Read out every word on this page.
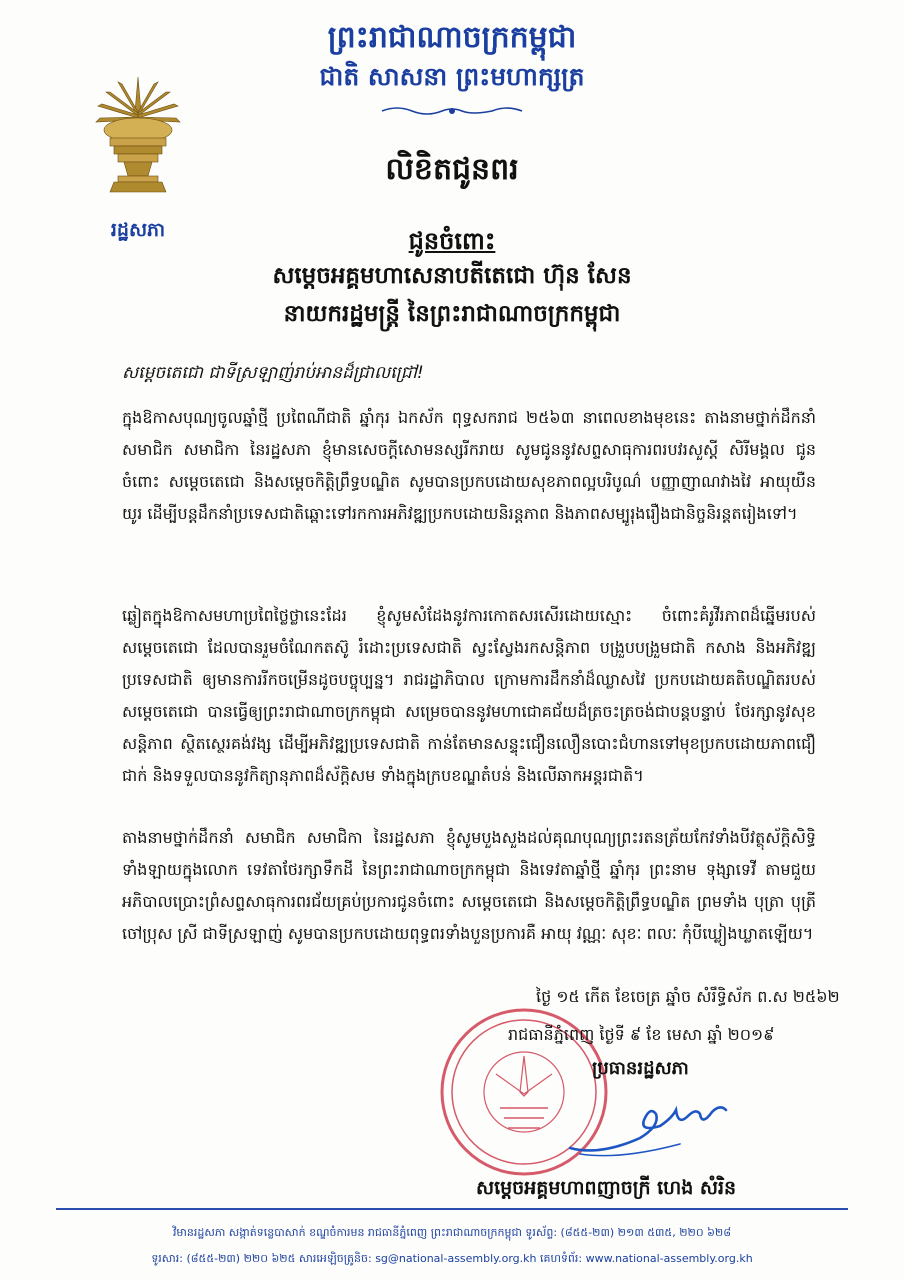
ព្រះរាជាណាចក្រកម្ពុជា
ជាតិ សាសនា ព្រះមហាក្សត្រ
រដ្ឋសភា
លិខិតជូនពរ
ជូនចំពោះ
សម្ដេចអគ្គមហាសេនាបតីតេជោ ហ៊ុន សែន
នាយករដ្ឋមន្ត្រី នៃព្រះរាជាណាចក្រកម្ពុជា
សម្ដេចតេជោ ជាទីស្រឡាញ់រាប់អានដ៏ជ្រាលជ្រៅ!
ក្នុងឱកាសបុណ្យចូលឆ្នាំថ្មី ប្រពៃណីជាតិ ឆ្នាំកុរ ឯកស័ក ពុទ្ធសករាជ ២៥៦៣ នាពេលខាងមុខនេះ តាងនាមថ្នាក់ដឹកនាំ សមាជិក សមាជិកា នៃរដ្ឋសភា ខ្ញុំមានសេចក្ដីសោមនស្សរីករាយ សូមជូននូវសព្ទសាធុការពរបវរសួស្ដី សិរីមង្គល ជូនចំពោះ សម្ដេចតេជោ និងសម្ដេចកិត្តិព្រឹទ្ធបណ្ឌិត សូមបានប្រកបដោយសុខភាពល្អបរិបូណ៌ បញ្ញាញាណវាងវៃ អាយុយឺនយូរ ដើម្បីបន្តដឹកនាំប្រទេសជាតិឆ្ពោះទៅរកការអភិវឌ្ឍប្រកបដោយនិរន្តភាព និងភាពសម្បូរុងរឿងជានិច្ចនិរន្តតរៀងទៅ។
ឆ្លៀតក្នុងឱកាសមហាប្រពៃថ្លៃថ្លានេះដែរ ខ្ញុំសូមសំដែងនូវការកោតសរសើរដោយស្មោះ ចំពោះគំរូវីរភាពដ៏ឆ្នើមរបស់ សម្ដេចតេជោ ដែលបានរួមចំណែកតស៊ូ រំដោះប្រទេសជាតិ ស្វះស្វែងរកសន្តិភាព បង្រួបបង្រួមជាតិ កសាង និងអភិវឌ្ឍប្រទេសជាតិ ឲ្យមានការរីកចម្រើនដូចបច្ចុប្បន្ន។ រាជរដ្ឋាភិបាល ក្រោមការដឹកនាំដ៏ឈ្លាសវៃ ប្រកបដោយគតិបណ្ឌិតរបស់ សម្ដេចតេជោ បានធ្វើឲ្យព្រះរាជាណាចក្រកម្ពុជា សម្រេចបាននូវមហាជោគជ័យដ៏ត្រចះត្រចង់ជាបន្តបន្ទាប់ ថែរក្សានូវសុខសន្តិភាព ស្ថិតស្ថេរគង់វង្ស ដើម្បីអភិវឌ្ឍប្រទេសជាតិ កាន់តែមានសន្ទុះជឿនលឿនបោះជំហានទៅមុខប្រកបដោយភាពជឿជាក់ និងទទួលបាននូវកិត្យានុភាពដ៏ស័ក្ដិសម ទាំងក្នុងក្របខណ្ឌតំបន់ និងលើឆាកអន្តរជាតិ។
តាងនាមថ្នាក់ដឹកនាំ សមាជិក សមាជិកា នៃរដ្ឋសភា ខ្ញុំសូមបួងសួងដល់គុណបុណ្យព្រះរតនត្រ័យកែវទាំងបីវត្ថុស័ក្ដិសិទ្ធិទាំងឡាយក្នុងលោក ទេវតាថែរក្សាទឹកដី នៃព្រះរាជាណាចក្រកម្ពុជា និងទេវតាឆ្នាំថ្មី ឆ្នាំកុរ ព្រះនាម ទុង្សាទេវី តាមជួយអភិបាលប្រោះព្រំសព្ទសាធុការពរជ័យគ្រប់ប្រការជូនចំពោះ សម្ដេចតេជោ និងសម្ដេចកិត្តិព្រឹទ្ធបណ្ឌិត ព្រមទាំង បុត្រា បុត្រី ចៅប្រុស ស្រី ជាទីស្រឡាញ់ សូមបានប្រកបដោយពុទ្ធពរទាំងបួនប្រការគឺ អាយុ វណ្ណៈ សុខៈ ពលៈ កុំបីឃ្លៀងឃ្លាតឡើយ។
ថ្ងៃ ១៥ កើត ខែចេត្រ ឆ្នាំច សំរឹទ្ធិស័ក ព.ស ២៥៦២
រាជធានីភ្នំពេញ ថ្ងៃទី ៩ ខែ មេសា ឆ្នាំ ២០១៩
ប្រធានរដ្ឋសភា
សម្ដេចអគ្គមហាពញាចក្រី ហេង សំរិន
វិមានរដ្ឋសភា សង្កាត់ទន្លេបាសាក់ ខណ្ឌចំការមន រាជធានីភ្នំពេញ ព្រះរាជាណាចក្រកម្ពុជា ទូរស័ព្ទ: (៨៥៥-២៣) ២១៣ ៥៣៥, ២២០ ៦២៨
ទូរសារ: (៨៥៥-២៣) ២២០ ៦២៥ សារអេឡិចត្រូនិច: sg@national-assembly.org.kh គេហទំព័រ: www.national-assembly.org.kh
